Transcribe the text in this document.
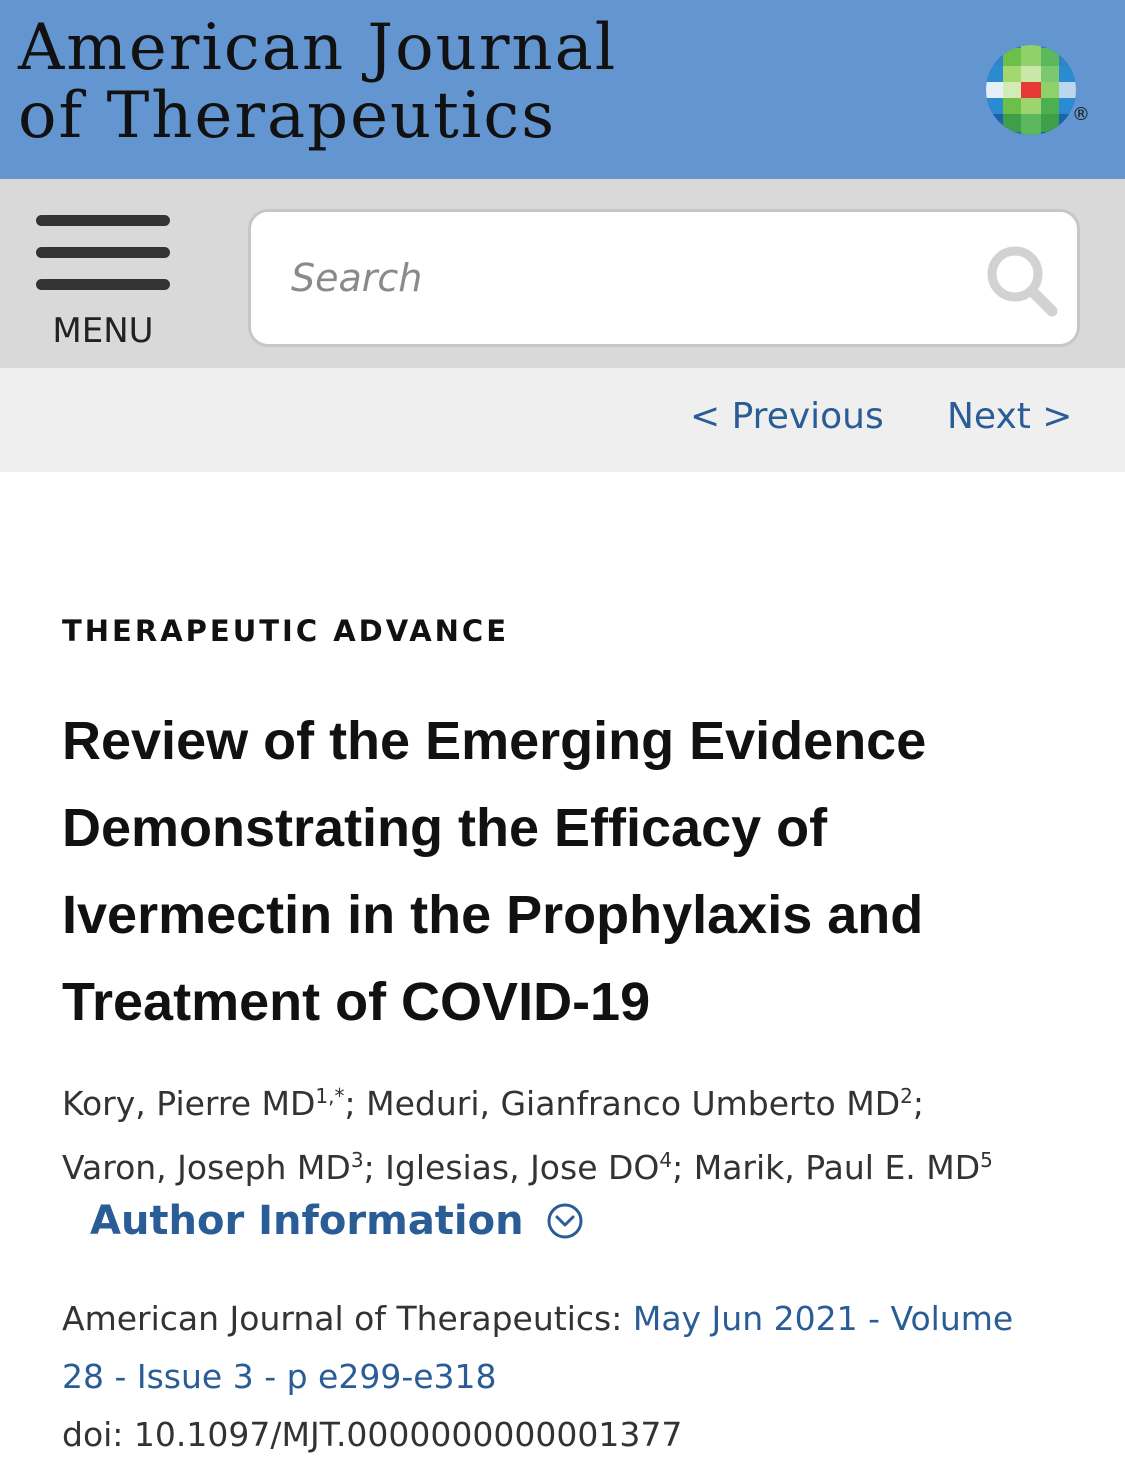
American Journal
of Therapeutics	®
MENU
Search
< Previous Next >
THERAPEUTIC ADVANCE
Review of the Emerging Evidence
Demonstrating the Efficacy of
Ivermectin in the Prophylaxis and
Treatment of COVID-19
Kory, Pierre $MD^{1,*}$; Meduri, Gianfranco Umberto $MD^2$;
Varon, Joseph $MD^3$; Iglesias, Jose $DO^4$; Marik, Paul E. $MD^5$
Author Information
American Journal of Therapeutics: May Jun 2021 - Volume
28 - Issue 3 - p e299-e318
doi: 10.1097/MJT.0000000000001377
